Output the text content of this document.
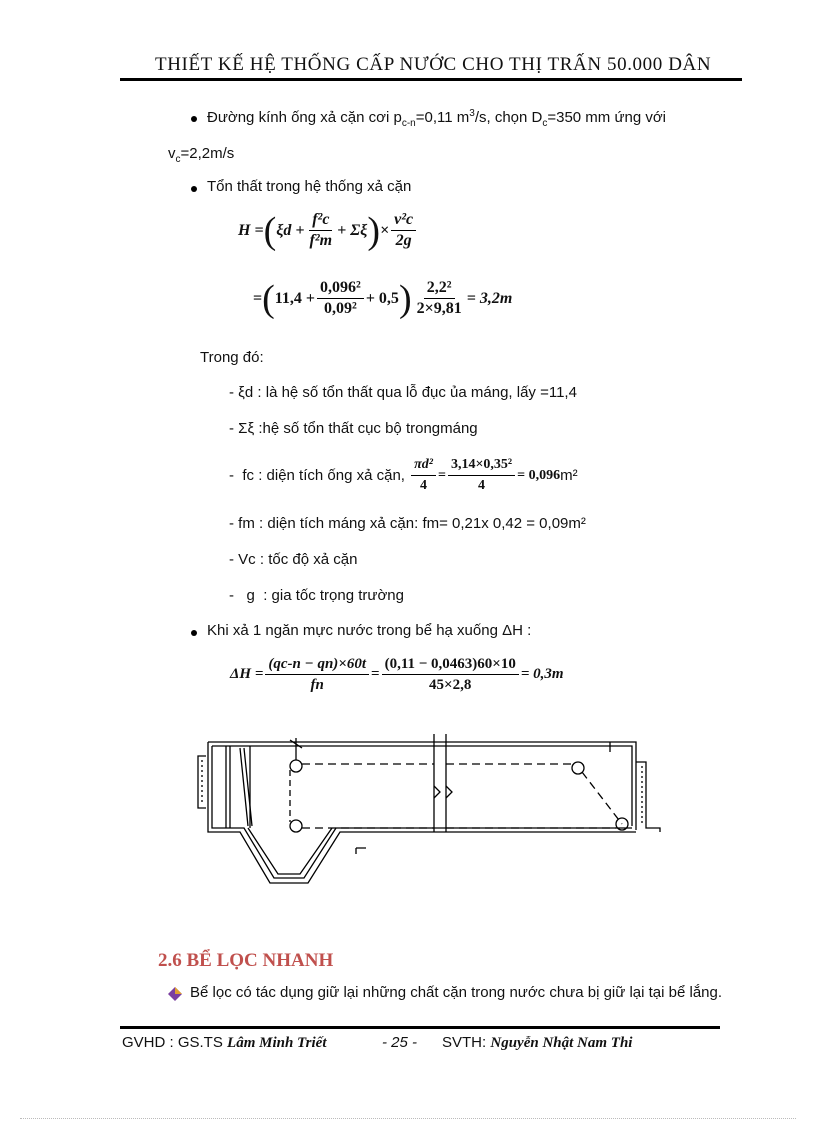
THIẾT KẾ HỆ THỐNG CẤP NƯỚC CHO THỊ TRẤN 50.000 DÂN
Đường kính ống xả cặn cơi $p_{c-n}=0,11$ $m^3/s$, chọn $D_c=350$ mm ứng với
$v_c=2,2m/s$
Tổn thất trong hệ thống xả cặn
H = ( $\xi d + \frac{\text{f²c}}{\text{f²m}} + \Sigma\xi$ ) × $\frac{\text{v²c}}{2g}$
= ( $11,4 + \frac{\text{0,096²}}{\text{0,09²}} + 0,5$ ) $\frac{\text{2,2²}}{2\times 9,81} = 3,2m$
Trong đó:
- ξd : là hệ số tổn thất qua lỗ đục ủa máng, lấy =11,4
- Σξ :hệ số tổn thất cục bộ trongmáng
- fc
: diện tích ống xả cặn,
$\frac{\text{πd²}}{4} = \frac{\text{3,14×0,35²}}{4} = 0,096$ m²
- fm : diện tích máng xả cặn: fm= 0,21x 0,42 = 0,09m²
- Vc : tốc độ xả cặn
-   g : gia tốc trọng trường
Khi xả 1 ngăn mực nước trong bể hạ xuống ΔH :
$\Delta H = \frac{(qc-n - qn)\times 60t}{fn} = \frac{(0,11 - 0,0463)60\times 10}{45\times 2,8} = 0,3m$
2.6 BỂ LỌC NHANH
Bể lọc có tác dụng giữ lại những chất cặn trong nước chưa bị giữ lại tại bể lắng.
GVHD : GS.TS Lâm Minh Triết	- 25 - SVTH: Nguyễn Nhật Nam Thi
